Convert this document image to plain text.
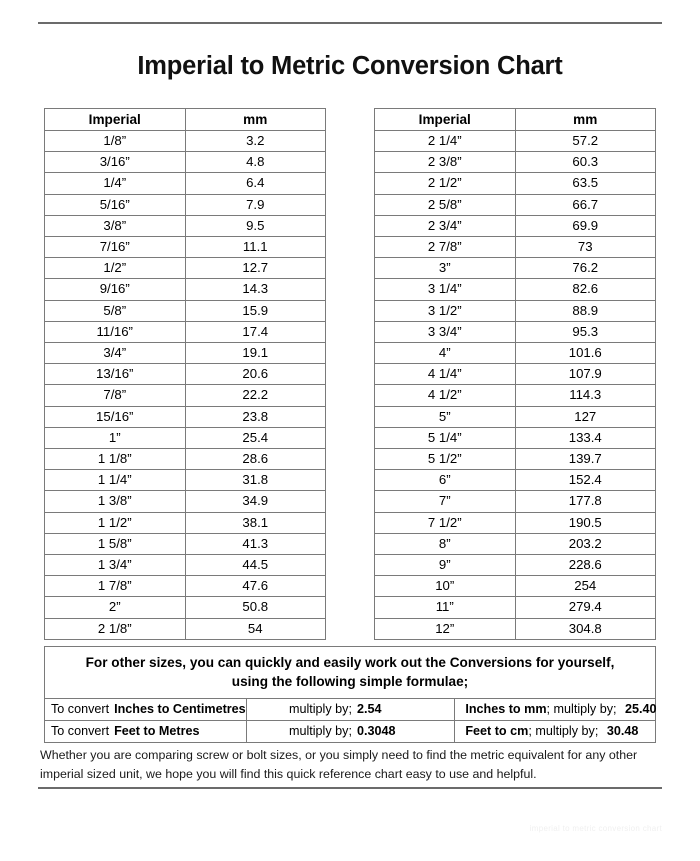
Imperial to Metric Conversion Chart
Imperial	mm
1/8”	3.2
3/16”	4.8
1/4”	6.4
5/16”	7.9
3/8”	9.5
7/16”	11.1
1/2”	12.7
9/16”	14.3
5/8”	15.9
11/16”	17.4
3/4”	19.1
13/16”	20.6
7/8”	22.2
15/16”	23.8
1”	25.4
1 1/8”	28.6
1 1/4”	31.8
1 3/8”	34.9
1 1/2”	38.1
1 5/8”	41.3
1 3/4”	44.5
1 7/8”	47.6
2”	50.8
2 1/8”	54
Imperial	mm
2 1/4”	57.2
2 3/8”	60.3
2 1/2”	63.5
2 5/8”	66.7
2 3/4”	69.9
2 7/8”	73
3”	76.2
3 1/4”	82.6
3 1/2”	88.9
3 3/4”	95.3
4”	101.6
4 1/4”	107.9
4 1/2”	114.3
5”	127
5 1/4”	133.4
5 1/2”	139.7
6”	152.4
7”	177.8
7 1/2”	190.5
8”	203.2
9”	228.6
10”	254
11”	279.4
12”	304.8
For other sizes, you can quickly and easily work out the Conversions for yourself,
using the following simple formulae;
To convert Inches to Centimetres	multiply by; 2.54	Inches to mm; multiply by; 25.40
To convert Feet to Metres	multiply by; 0.3048	Feet to cm; multiply by; 30.48
Whether you are comparing screw or bolt sizes, or you simply need to find the metric equivalent for any other imperial sized unit, we hope you will find this quick reference chart easy to use and helpful.
imperial to metric conversion chart
